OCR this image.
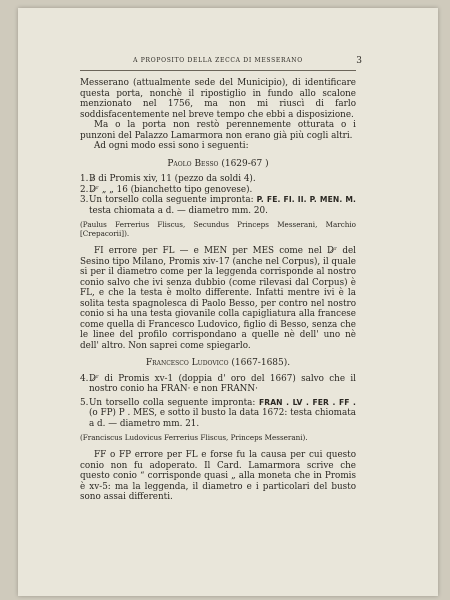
A PROPOSITO DELLA ZECCA DI MESSERANO	3

Messerano (attualmente sede del Municipio), di identificare questa porta, nonchè il ripostiglio in fundo allo scalone menzionato nel 1756, ma non mi riuscì di farlo soddisfacentemente nel breve tempo che ebbi a disposizione.

Ma o la porta non restò perennemente otturata o i punzoni del Palazzo Lamarmora non erano già più cogli altri.

Ad ogni modo essi sono i seguenti:

Paolo Besso (1629-67 )
1. B̷ di Promis xiv, 11 (pezzo da soldi 4).
2. D̷ʳ „ „ 16 (bianchetto tipo genovese).
3. Un torsello colla seguente impronta: P. FE. FI. II. P. MEN. M. testa chiomata a d. — diametro mm. 20.

(Paulus Ferrerius Fliscus, Secundus Princeps Messerani, Marchio [Crepacorii]).

FI errore per FL — e MEN per MES come nel D̷ʳ del Sesino tipo Milano, Promis xiv-17 (anche nel Corpus), il quale si per il diametro come per la leggenda corrisponde al nostro conio salvo che ivi senza dubbio (come rilevasi dal Corpus) è FL, e che la testa è molto differente. Infatti mentre ivi è la solita testa spagnolesca di Paolo Besso, per contro nel nostro conio si ha una testa giovanile colla capigliatura alla francese come quella di Francesco Ludovico, figlio di Besso, senza che le linee del profilo corrispondano a quelle nè dell' uno nè dell' altro. Non saprei come spiegarlo.

Francesco Ludovico (1667-1685).
4. D̷ʳ di Promis xv-1 (doppia d' oro del 1667) salvo che il nostro conio ha FRAN· e non FRANN·
5. Un torsello colla seguente impronta: FRAN . LV . FER . FF . (o FP) P . MES, e sotto il busto la data 1672: testa chiomata a d. — diametro mm. 21.

(Franciscus Ludovicus Ferrerius Fliscus, Princeps Messerani).

FF o FP errore per FL e forse fu la causa per cui questo conio non fu adoperato. Il Card. Lamarmora scrive che questo conio “ corrisponde quasi „ alla moneta che in Promis è xv-5: ma la leggenda, il diametro e i particolari del busto sono assai differenti.
